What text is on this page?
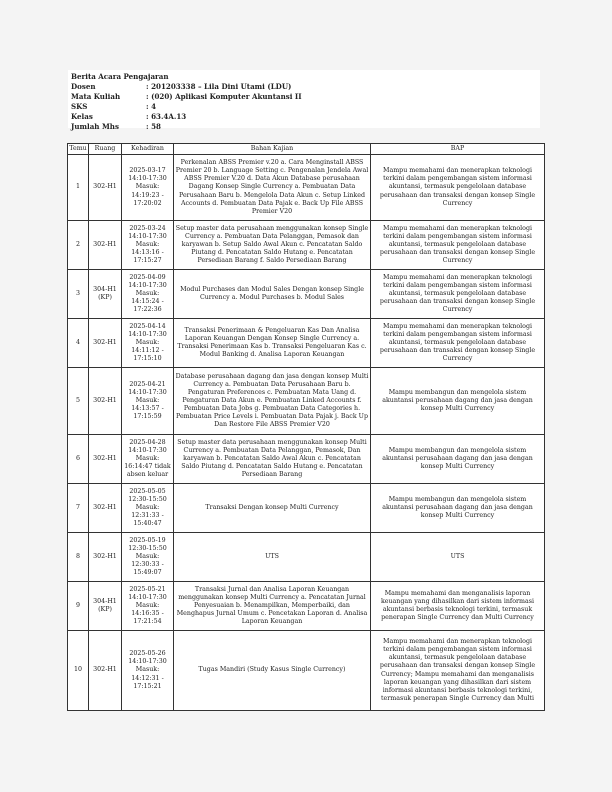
Berita Acara Pengajaran
Dosen	: 201203338 – Lila Dini Utami (LDU)
Mata Kuliah	: (020) Aplikasi Komputer Akuntansi II
SKS	: 4
Kelas	: 63.4A.13
Jumlah Mhs	: 58
Temu	Ruang	Kehadiran	Bahan Kajian	BAP
1	302-H1	2025-03-17 14:10-17:30 Masuk: 14:19:23 - 17:20:02	Perkenalan ABSS Premier v.20 a. Cara Menginstall ABSS Premier 20 b. Language Setting c. Pengenalan Jendela Awal ABSS Premier V.20 d. Data Akun Database perusahaan Dagang Konsep Single Currency a. Pembuatan Data Perusahaan Baru b. Mengelola Data Akun c. Setup Linked Accounts d. Pembuatan Data Pajak e. Back Up File ABSS Premier V20	Mampu memahami dan menerapkan teknologi terkini dalam pengembangan sistem informasi akuntansi, termasuk pengelolaan database perusahaan dan transaksi dengan konsep Single Currency
2	302-H1	2025-03-24 14:10-17:30 Masuk: 14:13:16 - 17:15:27	Setup master data perusahaan menggunakan konsep Single Currency a. Pembuatan Data Pelanggan, Pemasok dan karyawan b. Setup Saldo Awal Akun c. Pencatatan Saldo Piutang d. Pencatatan Saldo Hutang e. Pencatatan Persediaan Barang f. Saldo Persediaan Barang	Mampu memahami dan menerapkan teknologi terkini dalam pengembangan sistem informasi akuntansi, termasuk pengelolaan database perusahaan dan transaksi dengan konsep Single Currency
3	304-H1 (KP)	2025-04-09 14:10-17:30 Masuk: 14:15:24 - 17:22:36	Modul Purchases dan Modul Sales Dengan konsep Single Currency a. Modul Purchases b. Modul Sales	Mampu memahami dan menerapkan teknologi terkini dalam pengembangan sistem informasi akuntansi, termasuk pengelolaan database perusahaan dan transaksi dengan konsep Single Currency
4	302-H1	2025-04-14 14:10-17:30 Masuk: 14:11:12 - 17:15:10	Transaksi Penerimaan & Pengeluaran Kas Dan Analisa Laporan Keuangan Dengan Konsep Single Currency a. Transaksi Penerimaan Kas b. Transaksi Pengeluaran Kas c. Modul Banking d. Analisa Laporan Keuangan	Mampu memahami dan menerapkan teknologi terkini dalam pengembangan sistem informasi akuntansi, termasuk pengelolaan database perusahaan dan transaksi dengan konsep Single Currency
5	302-H1	2025-04-21 14:10-17:30 Masuk: 14:13:57 - 17:15:59	Database perusahaan dagang dan jasa dengan konsep Multi Currency a. Pembuatan Data Perusahaan Baru b. Pengaturan Preferences c. Pembuatan Mata Uang d. Pengaturan Data Akun e. Pembuatan Linked Accounts f. Pembuatan Data Jobs g. Pembuatan Data Categories h. Pembuatan Price Levels i. Pembuatan Data Pajak j. Back Up Dan Restore File ABSS Premier V20	Mampu membangun dan mengelola sistem akuntansi perusahaan dagang dan jasa dengan konsep Multi Currency
6	302-H1	2025-04-28 14:10-17:30 Masuk: 16:14:47 tidak absen keluar	Setup master data perusahaan menggunakan konsep Multi Currency a. Pembuatan Data Pelanggan, Pemasok, Dan karyawan b. Pencatatan Saldo Awal Akun c. Pencatatan Saldo Piutang d. Pencatatan Saldo Hutang e. Pencatatan Persediaan Barang	Mampu membangun dan mengelola sistem akuntansi perusahaan dagang dan jasa dengan konsep Multi Currency
7	302-H1	2025-05-05 12:30-15:50 Masuk: 12:31:33 - 15:40:47	Transaksi Dengan konsep Multi Currency	Mampu membangun dan mengelola sistem akuntansi perusahaan dagang dan jasa dengan konsep Multi Currency
8	302-H1	2025-05-19 12:30-15:50 Masuk: 12:30:33 - 15:49:07	UTS	UTS
9	304-H1 (KP)	2025-05-21 14:10-17:30 Masuk: 14:16:35 - 17:21:54	Transaksi Jurnal dan Analisa Laporan Keuangan menggunakan konsep Multi Currency a. Pencatatan Jurnal Penyesuaian b. Menampilkan, Memperbaiki, dan Menghapus Jurnal Umum c. Pencetakan Laporan d. Analisa Laporan Keuangan	Mampu memahami dan menganalisis laporan keuangan yang dihasilkan dari sistem informasi akuntansi berbasis teknologi terkini, termasuk penerapan Single Currency dan Multi Currency
10	302-H1	2025-05-26 14:10-17:30 Masuk: 14:12:31 - 17:15:21	Tugas Mandiri (Study Kasus Single Currency)	Mampu memahami dan menerapkan teknologi terkini dalam pengembangan sistem informasi akuntansi, termasuk pengelolaan database perusahaan dan transaksi dengan konsep Single Currency; Mampu memahami dan menganalisis laporan keuangan yang dihasilkan dari sistem informasi akuntansi berbasis teknologi terkini, termasuk penerapan Single Currency dan Multi
